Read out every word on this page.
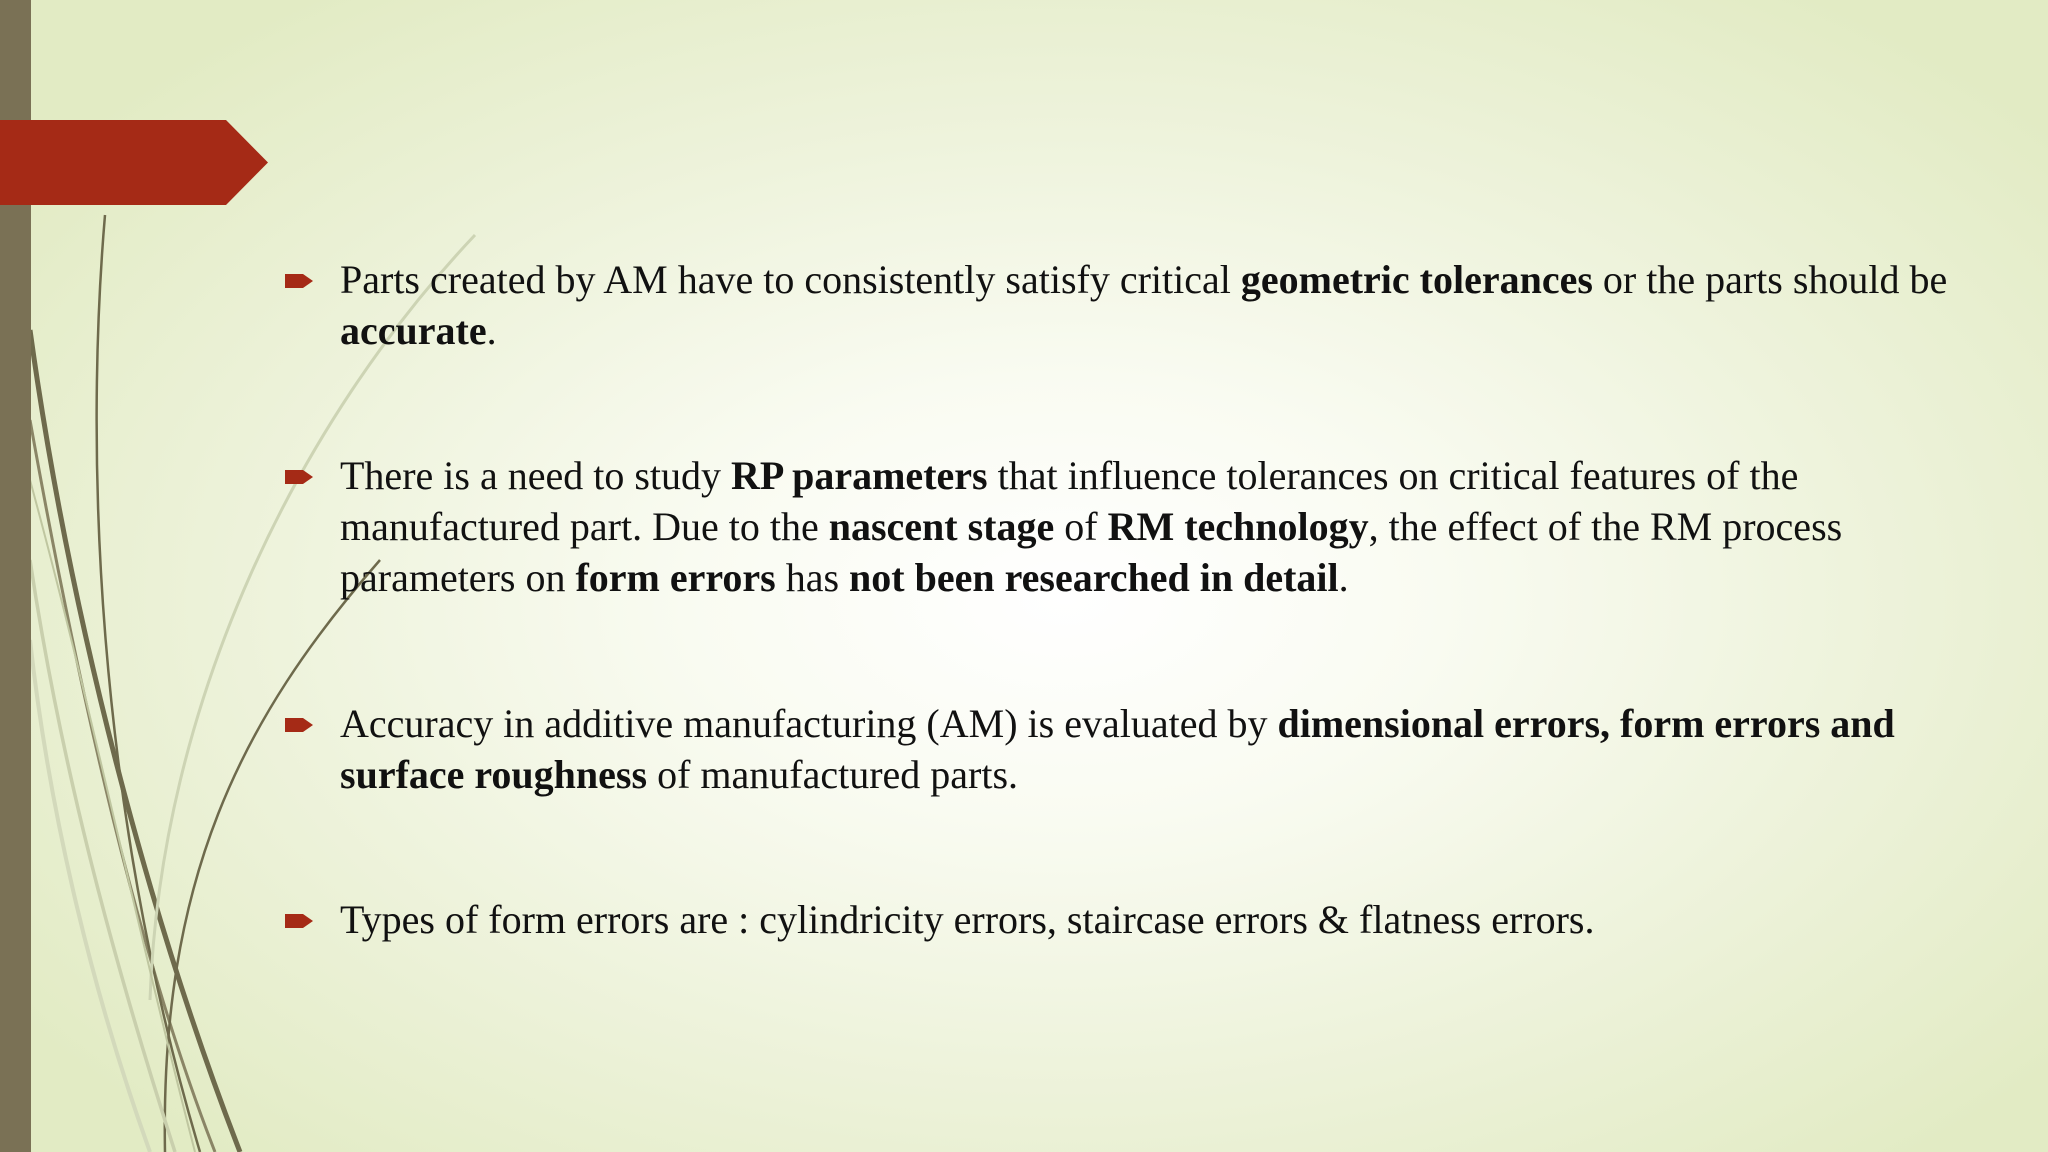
Parts created by AM have to consistently satisfy critical geometric tolerances or the parts should be accurate.
There is a need to study RP parameters that influence tolerances on critical features of the manufactured part. Due to the nascent stage of RM technology, the effect of the RM process parameters on form errors has not been researched in detail.
Accuracy in additive manufacturing (AM) is evaluated by dimensional errors, form errors and surface roughness of manufactured parts.
Types of form errors are : cylindricity errors, staircase errors & flatness errors.
